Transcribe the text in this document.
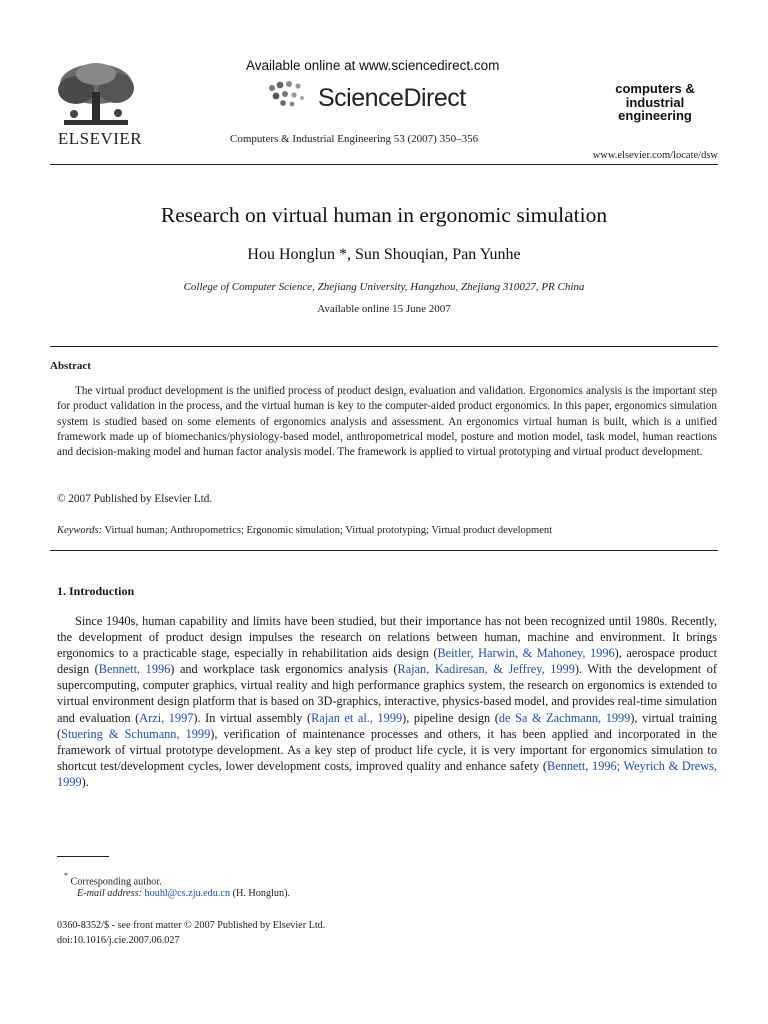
ELSEVIER
Available online at www.sciencedirect.com
ScienceDirect
Computers & Industrial Engineering 53 (2007) 350–356
computers &
industrial
engineering
www.elsevier.com/locate/dsw
Research on virtual human in ergonomic simulation
Hou Honglun *, Sun Shouqian, Pan Yunhe
College of Computer Science, Zhejiang University, Hangzhou, Zhejiang 310027, PR China
Available online 15 June 2007
Abstract
The virtual product development is the unified process of product design, evaluation and validation. Ergonomics analysis is the important step for product validation in the process, and the virtual human is key to the computer-aided product ergonomics. In this paper, ergonomics simulation system is studied based on some elements of ergonomics analysis and assessment. An ergonomics virtual human is built, which is a unified framework made up of biomechanics/physiology-based model, anthropometrical model, posture and motion model, task model, human reactions and decision-making model and human factor analysis model. The framework is applied to virtual prototyping and virtual product development.
© 2007 Published by Elsevier Ltd.
Keywords: Virtual human; Anthropometrics; Ergonomic simulation; Virtual prototyping; Virtual product development
1. Introduction
Since 1940s, human capability and limits have been studied, but their importance has not been recognized until 1980s. Recently, the development of product design impulses the research on relations between human, machine and environment. It brings ergonomics to a practicable stage, especially in rehabilitation aids design (Beitler, Harwin, & Mahoney, 1996), aerospace product design (Bennett, 1996) and workplace task ergonomics analysis (Rajan, Kadiresan, & Jeffrey, 1999). With the development of supercomputing, computer graphics, virtual reality and high performance graphics system, the research on ergonomics is extended to virtual environment design platform that is based on 3D-graphics, interactive, physics-based model, and provides real-time simulation and evaluation (Arzi, 1997). In virtual assembly (Rajan et al., 1999), pipeline design (de Sa & Zachmann, 1999), virtual training (Stuering & Schumann, 1999), verification of maintenance processes and others, it has been applied and incorporated in the framework of virtual prototype development. As a key step of product life cycle, it is very important for ergonomics simulation to shortcut test/development cycles, lower development costs, improved quality and enhance safety (Bennett, 1996; Weyrich & Drews, 1999).
* Corresponding author.
E-mail address: houhl@cs.zju.edu.cn (H. Honglun).
0360-8352/$ - see front matter © 2007 Published by Elsevier Ltd.
doi:10.1016/j.cie.2007.06.027
